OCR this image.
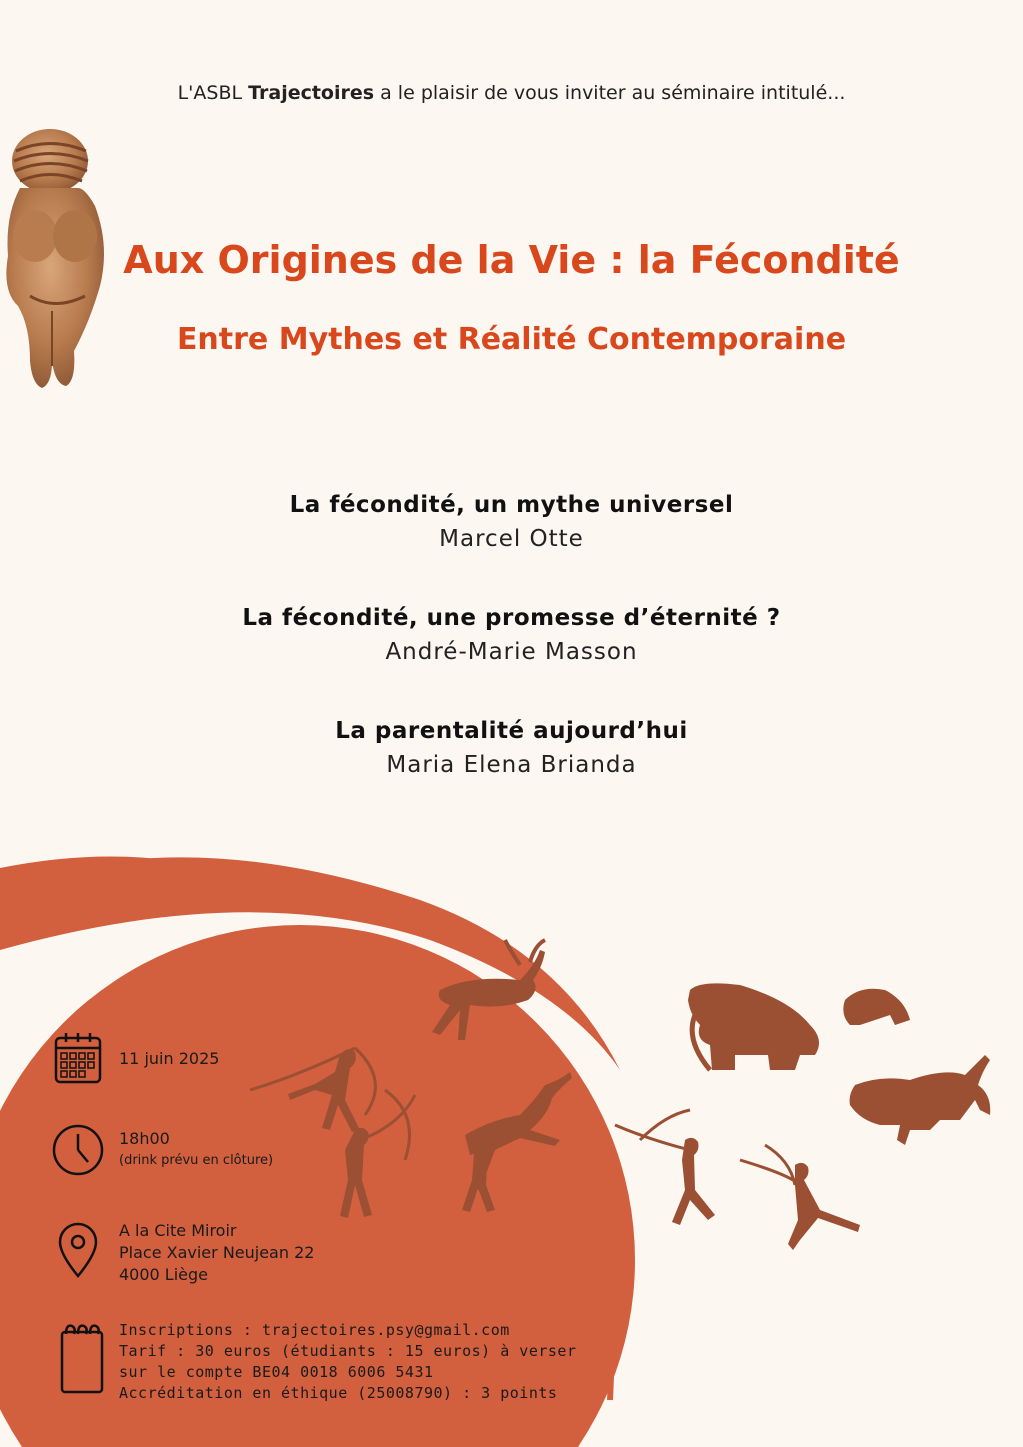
L'ASBL Trajectoires a le plaisir de vous inviter au séminaire intitulé...
Aux Origines de la Vie : la Fécondité
Entre Mythes et Réalité Contemporaine
La fécondité, un mythe universel
Marcel Otte
La fécondité, une promesse d’éternité ?
André-Marie Masson
La parentalité aujourd’hui
Maria Elena Brianda
11 juin 2025
18h00
(drink prévu en clôture)
A la Cite Miroir
Place Xavier Neujean 22
4000 Liège
Inscriptions : trajectoires.psy@gmail.com
Tarif : 30 euros (étudiants : 15 euros) à verser
sur le compte BE04 0018 6006 5431
Accréditation en éthique (25008790) : 3 points
